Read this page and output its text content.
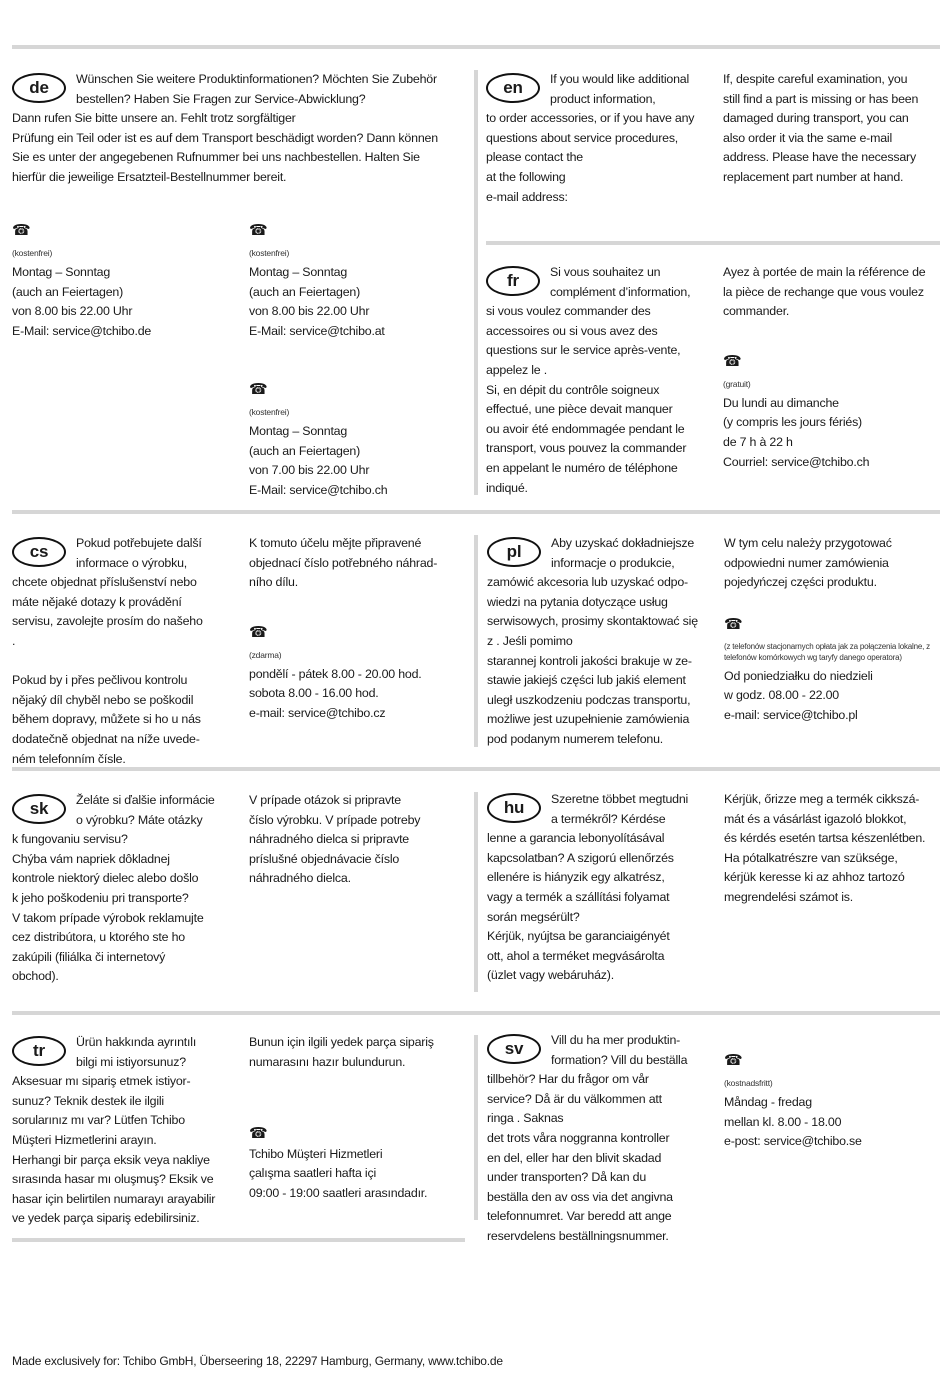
de	Wünschen Sie weitere Produktinformationen? Möchten Sie Zubehör
bestellen? Haben Sie Fragen zur Service-Abwicklung?

Dann rufen Sie bitte unsere an. Fehlt trotz sorgfältiger
Prüfung ein Teil oder ist es auf dem Transport beschädigt worden? Dann können
Sie es unter der angegebenen Rufnummer bei uns nachbestellen. Halten Sie
hierfür die jeweilige Ersatzteil-Bestellnummer bereit.

☎
(kostenfrei)

Montag – Sonntag
(auch an Feiertagen)
von 8.00 bis 22.00 Uhr
E-Mail: service@tchibo.de

☎
(kostenfrei)

Montag – Sonntag
(auch an Feiertagen)
von 8.00 bis 22.00 Uhr
E-Mail: service@tchibo.at

☎
(kostenfrei)

Montag – Sonntag
(auch an Feiertagen)
von 7.00 bis 22.00 Uhr
E-Mail: service@tchibo.ch

en	If you would like additional
product information,

to order accessories, or if you have any
questions about service procedures,
please contact the
at the following
e-mail address:

If, despite careful examination, you
still find a part is missing or has been
damaged during transport, you can
also order it via the same e-mail
address. Please have the necessary
replacement part number at hand.

fr	Si vous souhaitez un
complément d’information,

si vous voulez commander des
accessoires ou si vous avez des
questions sur le service après-vente,
appelez le .
Si, en dépit du contrôle soigneux
effectué, une pièce devait manquer
ou avoir été endommagée pendant le
transport, vous pouvez la commander
en appelant le numéro de téléphone
indiqué.

Ayez à portée de main la référence de
la pièce de rechange que vous voulez
commander.

☎
(gratuit)

Du lundi au dimanche
(y compris les jours fériés)
de 7 h à 22 h
Courriel: service@tchibo.ch

cs	Pokud potřebujete další
informace o výrobku,

chcete objednat příslušenství nebo
máte nějaké dotazy k provádění
servisu, zavolejte prosím do našeho
.

Pokud by i přes pečlivou kontrolu
nějaký díl chyběl nebo se poškodil
během dopravy, můžete si ho u nás
dodatečně objednat na níže uvede-
ném telefonním čísle.

K tomuto účelu mějte připravené
objednací číslo potřebného náhrad-
ního dílu.

☎
(zdarma)

pondělí - pátek 8.00 - 20.00 hod.
sobota 8.00 - 16.00 hod.
e-mail: service@tchibo.cz

pl	Aby uzyskać dokładniejsze
informacje o produkcie,

zamówić akcesoria lub uzyskać odpo-
wiedzi na pytania dotyczące usług
serwisowych, prosimy skontaktować się
z . Jeśli pomimo
starannej kontroli jakości brakuje w ze-
stawie jakiejś części lub jakiś element
uległ uszkodzeniu podczas transportu,
możliwe jest uzupełnienie zamówienia
pod podanym numerem telefonu.

W tym celu należy przygotować
odpowiedni numer zamówienia
pojedyńczej części produktu.

☎
(z telefonów stacjonarnych opłata jak za połączenia lokalne, z telefonów komórkowych wg taryfy danego operatora)

Od poniedziałku do niedzieli
w godz. 08.00 - 22.00
e-mail: service@tchibo.pl

sk	Želáte si ďalšie informácie
o výrobku? Máte otázky

k fungovaniu servisu?
Chýba vám napriek dôkladnej
kontrole niektorý dielec alebo došlo
k jeho poškodeniu pri transporte?
V takom prípade výrobok reklamujte
cez distribútora, u ktorého ste ho
zakúpili (filiálka či internetový
obchod).

V prípade otázok si pripravte
číslo výrobku. V prípade potreby
náhradného dielca si pripravte
príslušné objednávacie číslo
náhradného dielca.

hu	Szeretne többet megtudni
a termékről? Kérdése

lenne a garancia lebonyolításával
kapcsolatban? A szigorú ellenőrzés
ellenére is hiányzik egy alkatrész,
vagy a termék a szállítási folyamat
során megsérült?
Kérjük, nyújtsa be garanciaigényét
ott, ahol a terméket megvásárolta
(üzlet vagy webáruház).

Kérjük, őrizze meg a termék cikkszá-
mát és a vásárlást igazoló blokkot,
és kérdés esetén tartsa készenlétben.
Ha pótalkatrészre van szüksége,
kérjük keresse ki az ahhoz tartozó
megrendelési számot is.

tr	Ürün hakkında ayrıntılı
bilgi mi istiyorsunuz?

Aksesuar mı sipariş etmek istiyor-
sunuz? Teknik destek ile ilgili
sorularınız mı var? Lütfen Tchibo
Müşteri Hizmetlerini arayın.
Herhangi bir parça eksik veya nakliye
sırasında hasar mı oluşmuş? Eksik ve
hasar için belirtilen numarayı arayabilir
ve yedek parça sipariş edebilirsiniz.

Bunun için ilgili yedek parça sipariş
numarasını hazır bulundurun.

☎

Tchibo Müşteri Hizmetleri
çalışma saatleri hafta içi
09:00 - 19:00 saatleri arasındadır.

sv	Vill du ha mer produktin-
formation? Vill du beställa

tillbehör? Har du frågor om vår
service? Då är du välkommen att
ringa . Saknas
det trots våra noggranna kontroller
en del, eller har den blivit skadad
under transporten? Då kan du
beställa den av oss via det angivna
telefonnumret. Var beredd att ange
reservdelens beställningsnummer.

☎
(kostnadsfritt)

Måndag - fredag
mellan kl. 8.00 - 18.00
e-post: service@tchibo.se

Made exclusively for: Tchibo GmbH, Überseering 18, 22297 Hamburg, Germany, www.tchibo.de
